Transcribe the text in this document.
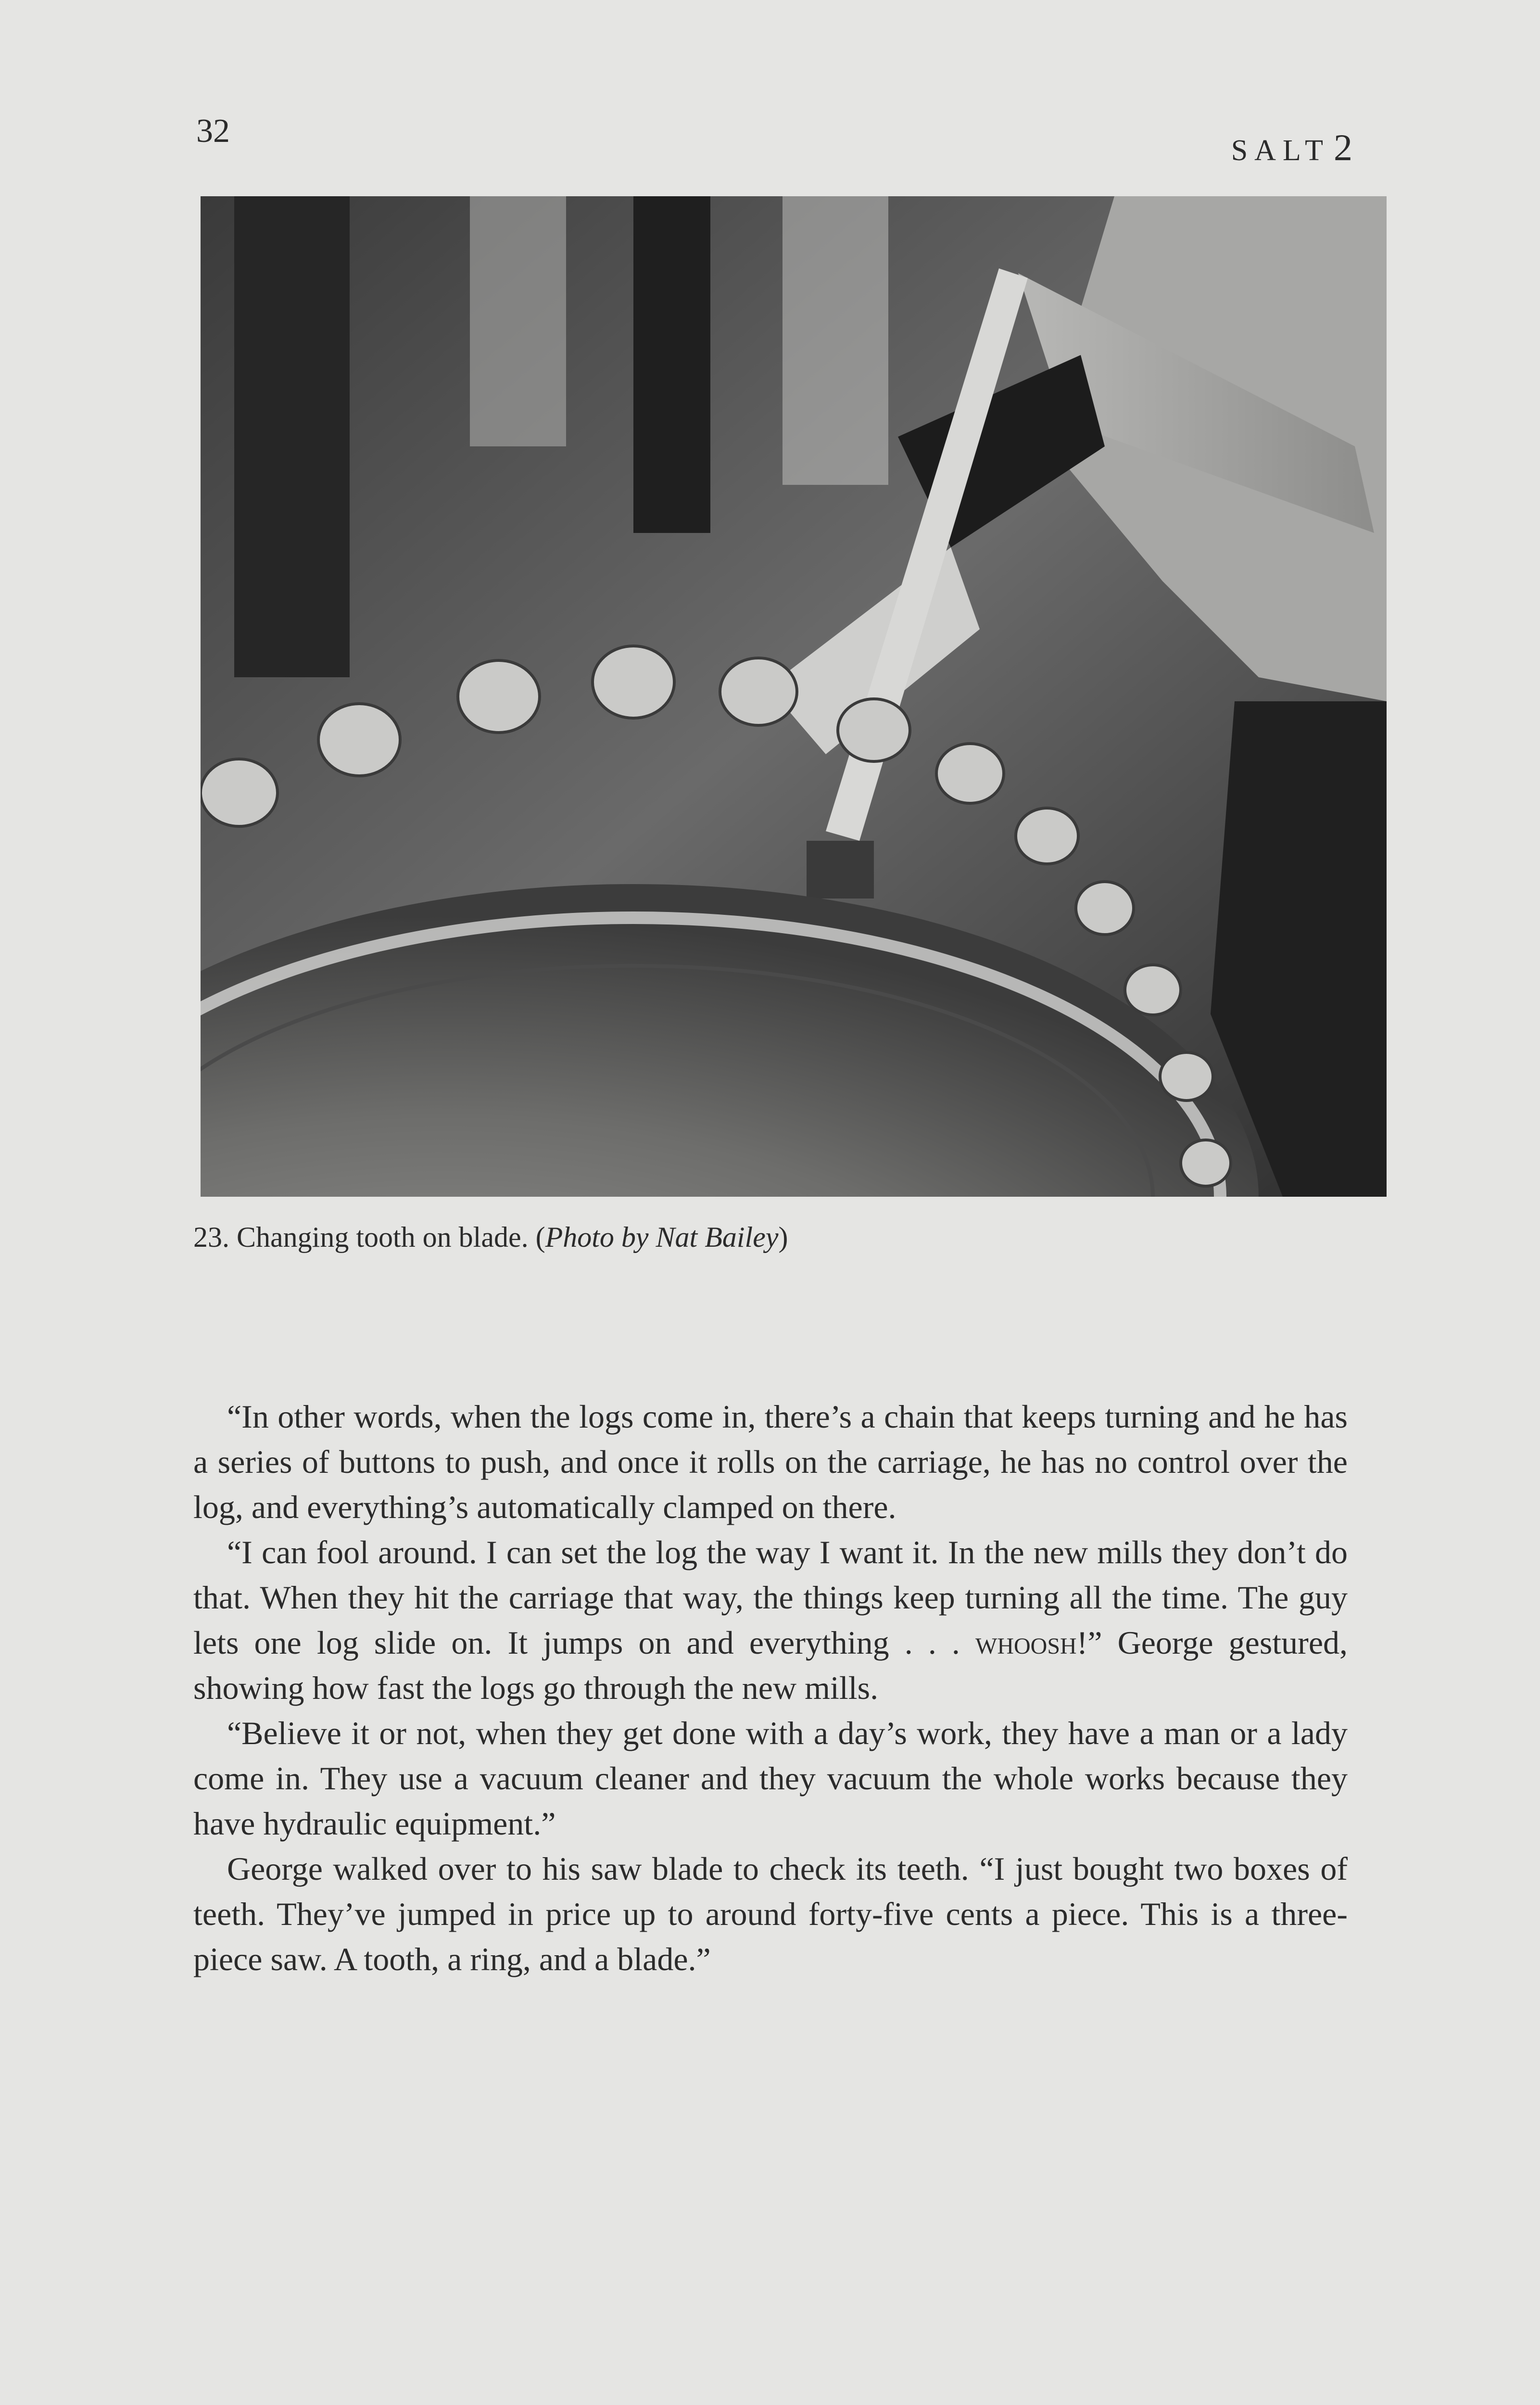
32
SALT 2
23. Changing tooth on blade. (Photo by Nat Bailey)

“In other words, when the logs come in, there’s a chain that keeps turning and he has a series of buttons to push, and once it rolls on the carriage, he has no control over the log, and everything’s automatically clamped on there.

“I can fool around. I can set the log the way I want it. In the new mills they don’t do that. When they hit the carriage that way, the things keep turning all the time. The guy lets one log slide on. It jumps on and everything . . . whoosh!” George gestured, showing how fast the logs go through the new mills.

“Believe it or not, when they get done with a day’s work, they have a man or a lady come in. They use a vacuum cleaner and they vacuum the whole works because they have hydraulic equipment.”

George walked over to his saw blade to check its teeth. “I just bought two boxes of teeth. They’ve jumped in price up to around forty-five cents a piece. This is a three-piece saw. A tooth, a ring, and a blade.”
